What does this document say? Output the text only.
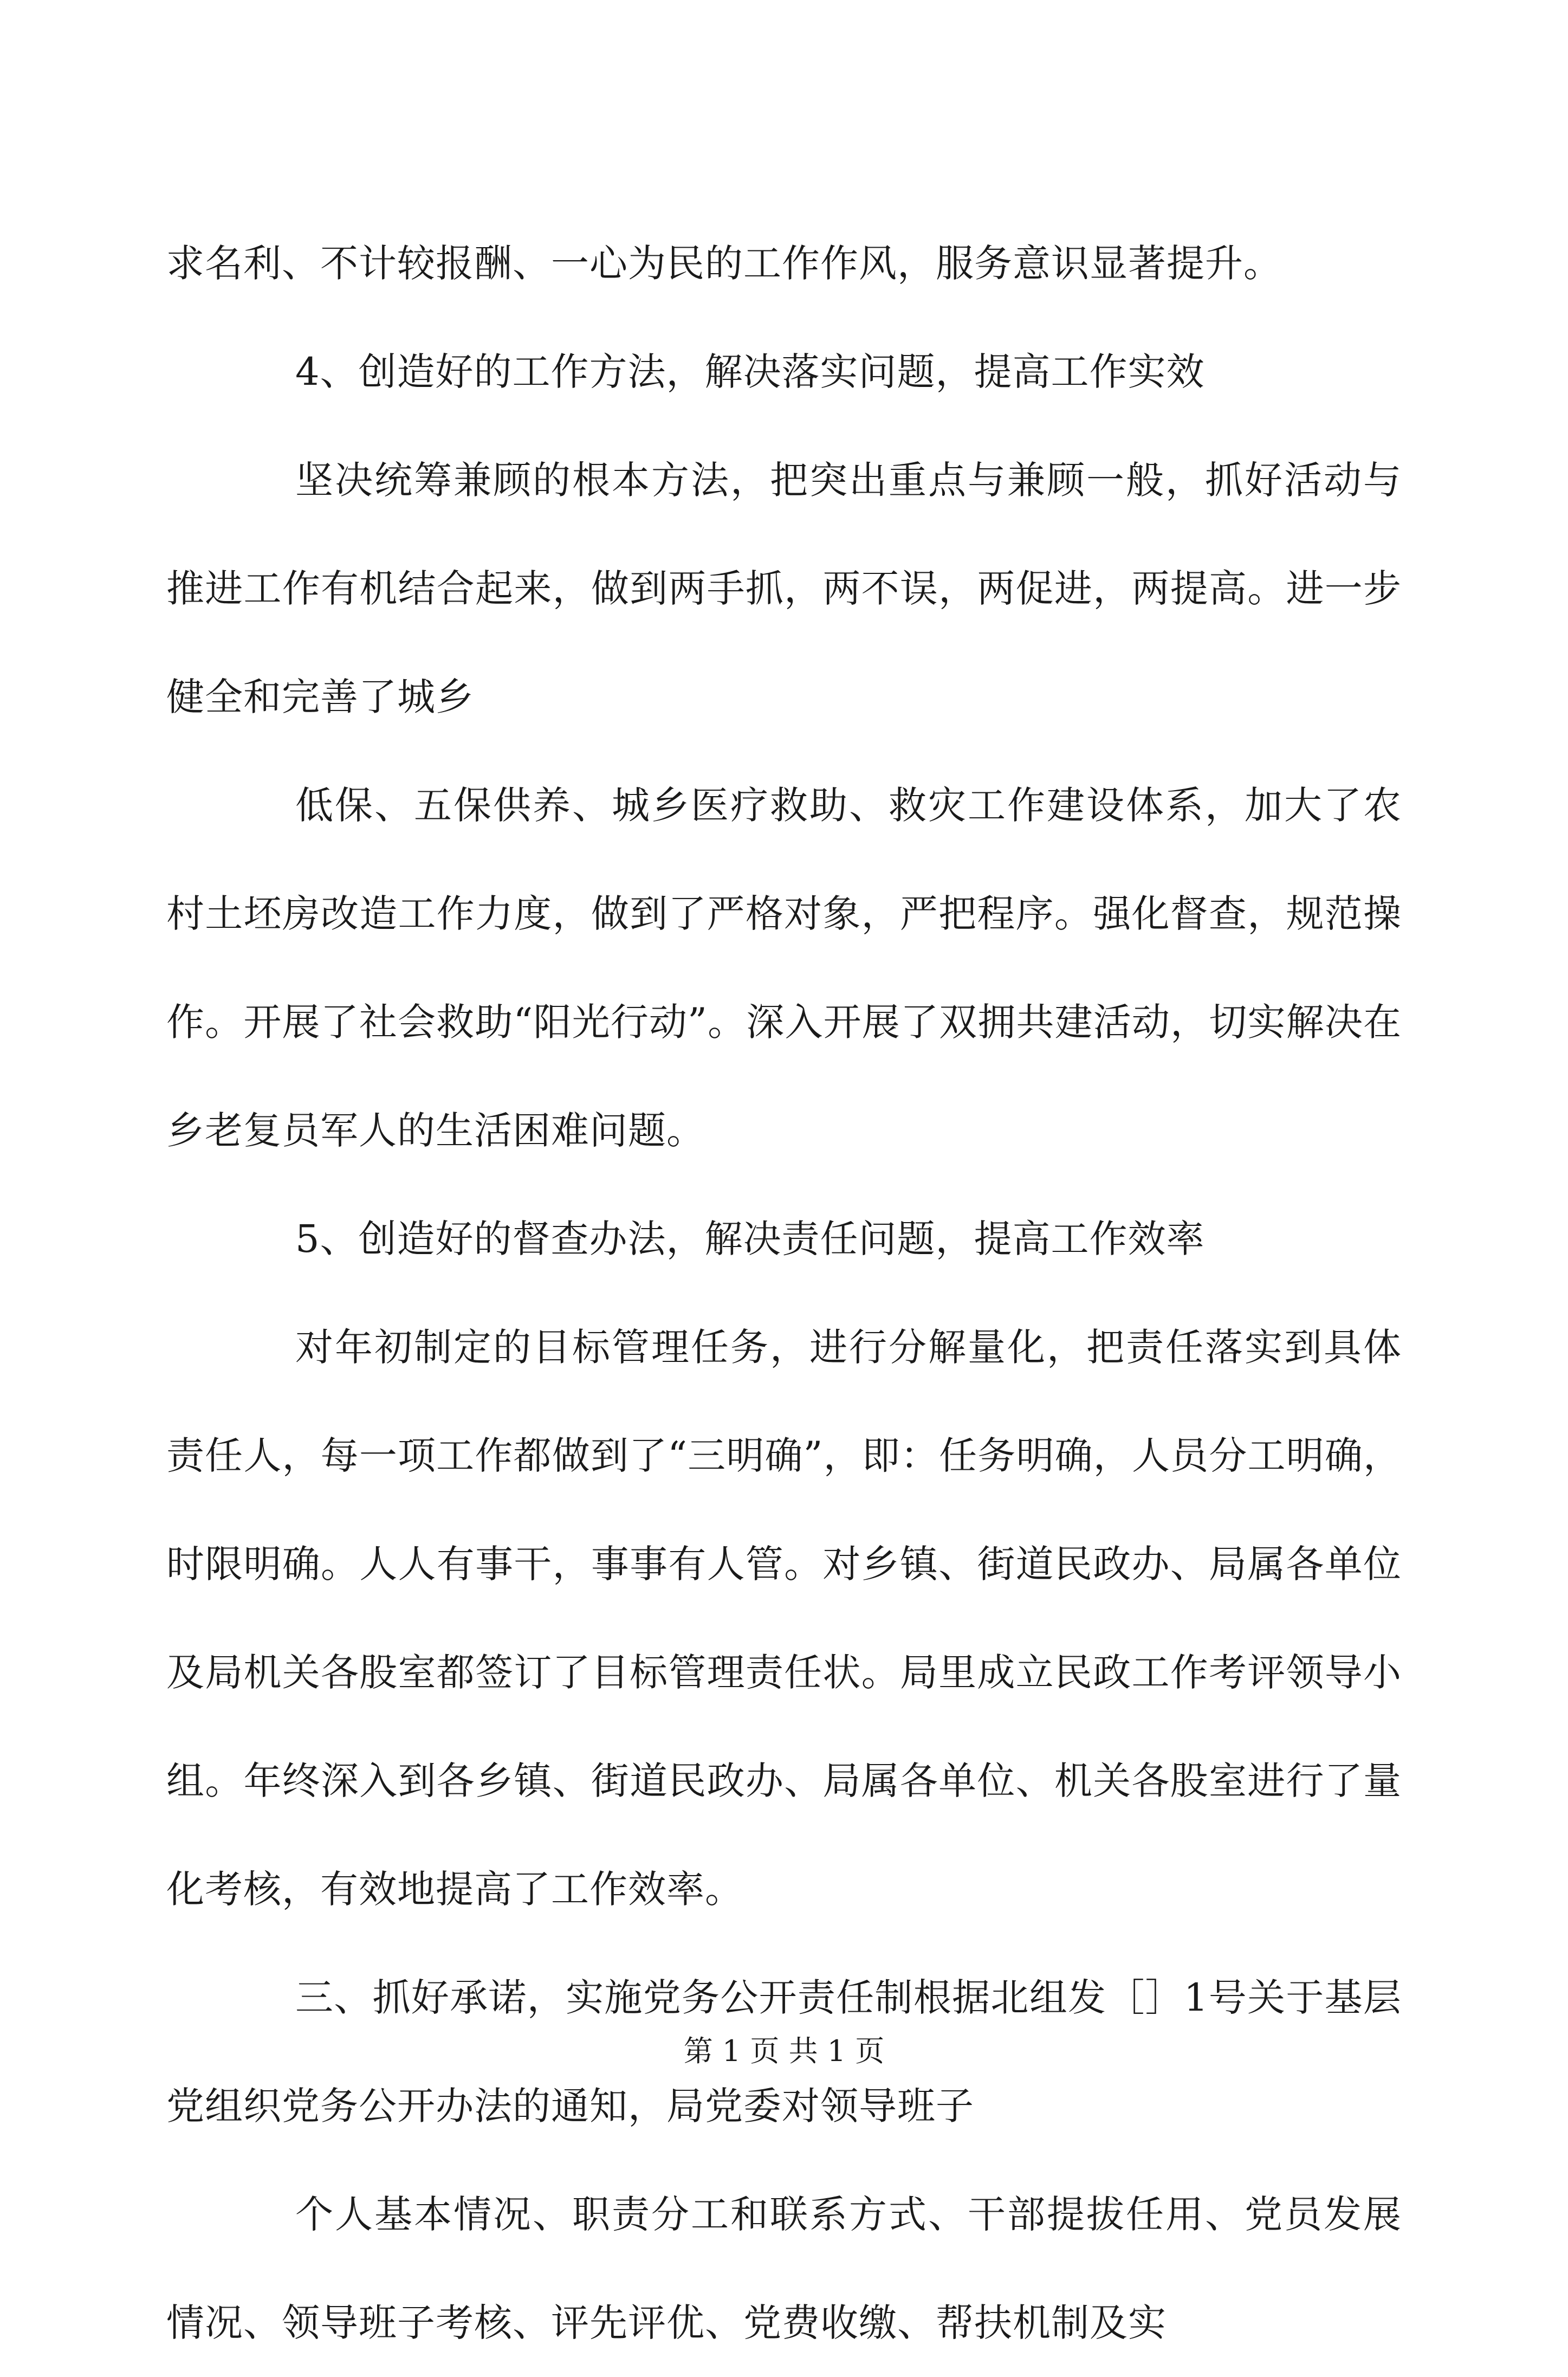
求名利、不计较报酬、一心为民的工作作风，服务意识显著提升。

4、创造好的工作方法，解决落实问题，提高工作实效

坚决统筹兼顾的根本方法，把突出重点与兼顾一般，抓好活动与推进工作有机结合起来，做到两手抓，两不误，两促进，两提高。进一步健全和完善了城乡

低保、五保供养、城乡医疗救助、救灾工作建设体系，加大了农村土坯房改造工作力度，做到了严格对象，严把程序。强化督查，规范操作。开展了社会救助“阳光行动”。深入开展了双拥共建活动，切实解决在乡老复员军人的生活困难问题。

5、创造好的督查办法，解决责任问题，提高工作效率

对年初制定的目标管理任务，进行分解量化，把责任落实到具体责任人，每一项工作都做到了“三明确”，即：任务明确，人员分工明确，时限明确。人人有事干，事事有人管。对乡镇、街道民政办、局属各单位及局机关各股室都签订了目标管理责任状。局里成立民政工作考评领导小组。年终深入到各乡镇、街道民政办、局属各单位、机关各股室进行了量化考核，有效地提高了工作效率。

三、抓好承诺，实施党务公开责任制根据北组发［］1号关于基层党组织党务公开办法的通知，局党委对领导班子

个人基本情况、职责分工和联系方式、干部提拔任用、党员发展情况、领导班子考核、评先评优、党费收缴、帮扶机制及实

第 1 页 共 1 页
